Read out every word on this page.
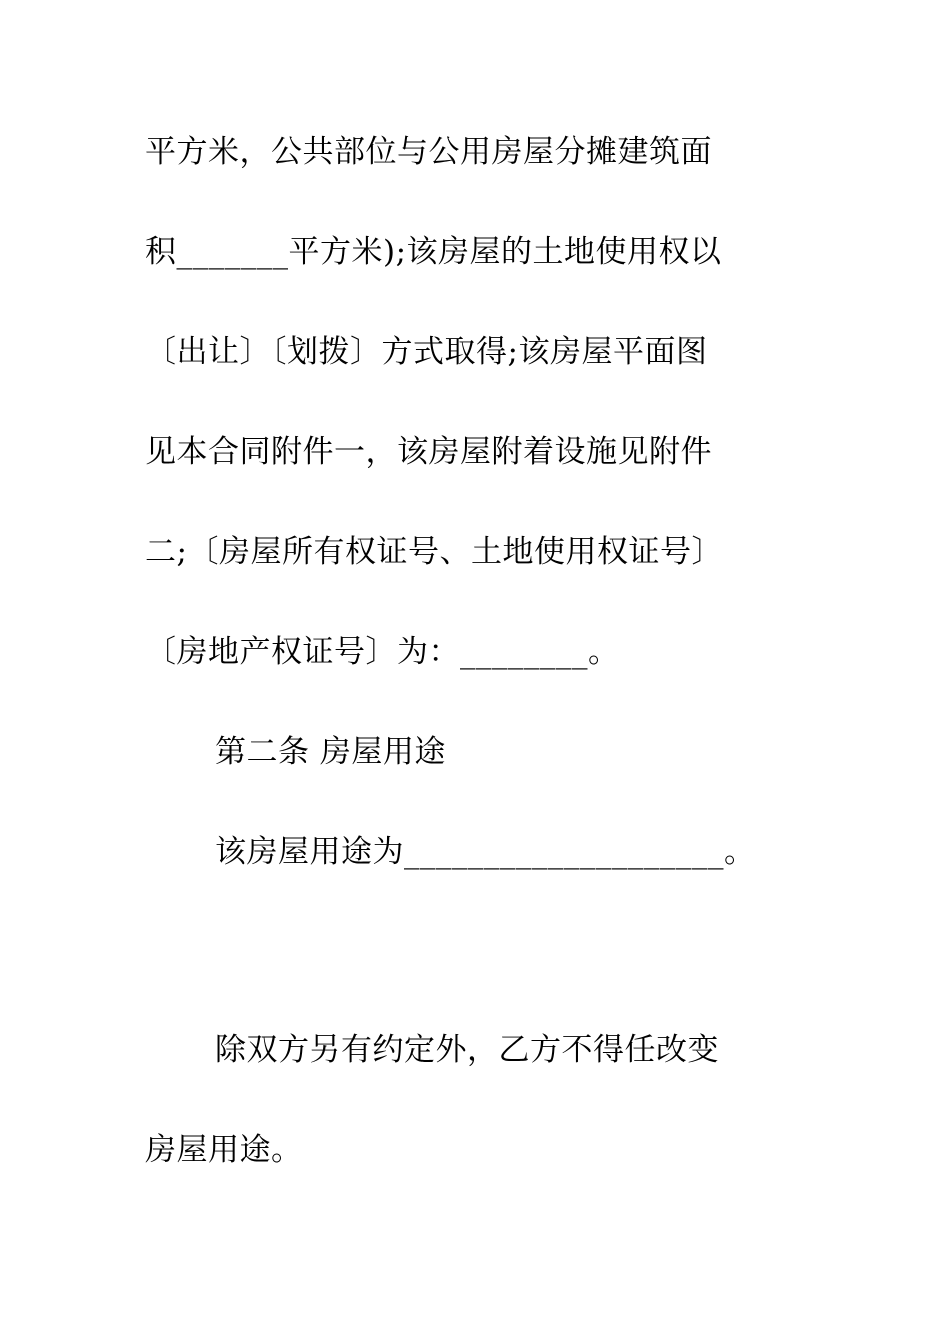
平方米，公共部位与公用房屋分摊建筑面
积_______平方米);该房屋的土地使用权以
〔出让〕〔划拨〕方式取得;该房屋平面图
见本合同附件一，该房屋附着设施见附件
二;〔房屋所有权证号、土地使用权证号〕
〔房地产权证号〕为：________。
第二条 房屋用途
该房屋用途为____________________。
除双方另有约定外，乙方不得任改变
房屋用途。
